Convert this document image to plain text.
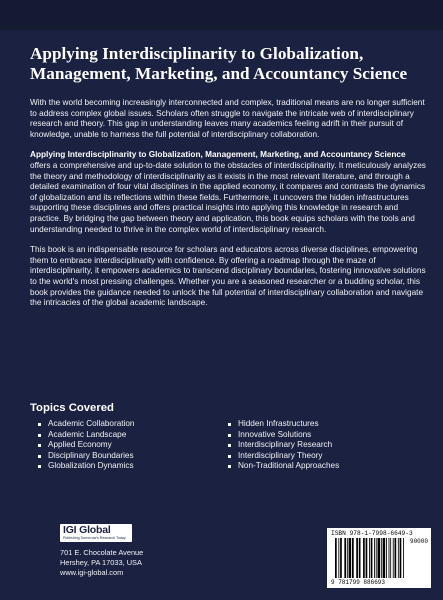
Applying Interdisciplinarity to Globalization, Management, Marketing, and Accountancy Science

With the world becoming increasingly interconnected and complex, traditional means are no longer sufficient to address complex global issues. Scholars often struggle to navigate the intricate web of interdisciplinary research and theory. This gap in understanding leaves many academics feeling adrift in their pursuit of knowledge, unable to harness the full potential of interdisciplinary collaboration.

Applying Interdisciplinarity to Globalization, Management, Marketing, and Accountancy Science offers a comprehensive and up-to-date solution to the obstacles of interdisciplinarity. It meticulously analyzes the theory and methodology of interdisciplinarity as it exists in the most relevant literature, and through a detailed examination of four vital disciplines in the applied economy, it compares and contrasts the dynamics of globalization and its reflections within these fields. Furthermore, it uncovers the hidden infrastructures supporting these disciplines and offers practical insights into applying this knowledge in research and practice. By bridging the gap between theory and application, this book equips scholars with the tools and understanding needed to thrive in the complex world of interdisciplinary research.

This book is an indispensable resource for scholars and educators across diverse disciplines, empowering them to embrace interdisciplinarity with confidence. By offering a roadmap through the maze of interdisciplinarity, it empowers academics to transcend disciplinary boundaries, fostering innovative solutions to the world's most pressing challenges. Whether you are a seasoned researcher or a budding scholar, this book provides the guidance needed to unlock the full potential of interdisciplinary collaboration and navigate the intricacies of the global academic landscape.

Topics Covered
Academic Collaboration
Academic Landscape
Applied Economy
Disciplinary Boundaries
Globalization Dynamics
Hidden Infrastructures
Innovative Solutions
Interdisciplinary Research
Interdisciplinary Theory
Non-Traditional Approaches
IGI Global
Publishing Tomorrow's Research Today
701 E. Chocolate Avenue
Hershey, PA 17033, USA
www.igi-global.com
ISBN 978-1-7998-6649-3
90000
9 781799 886693
